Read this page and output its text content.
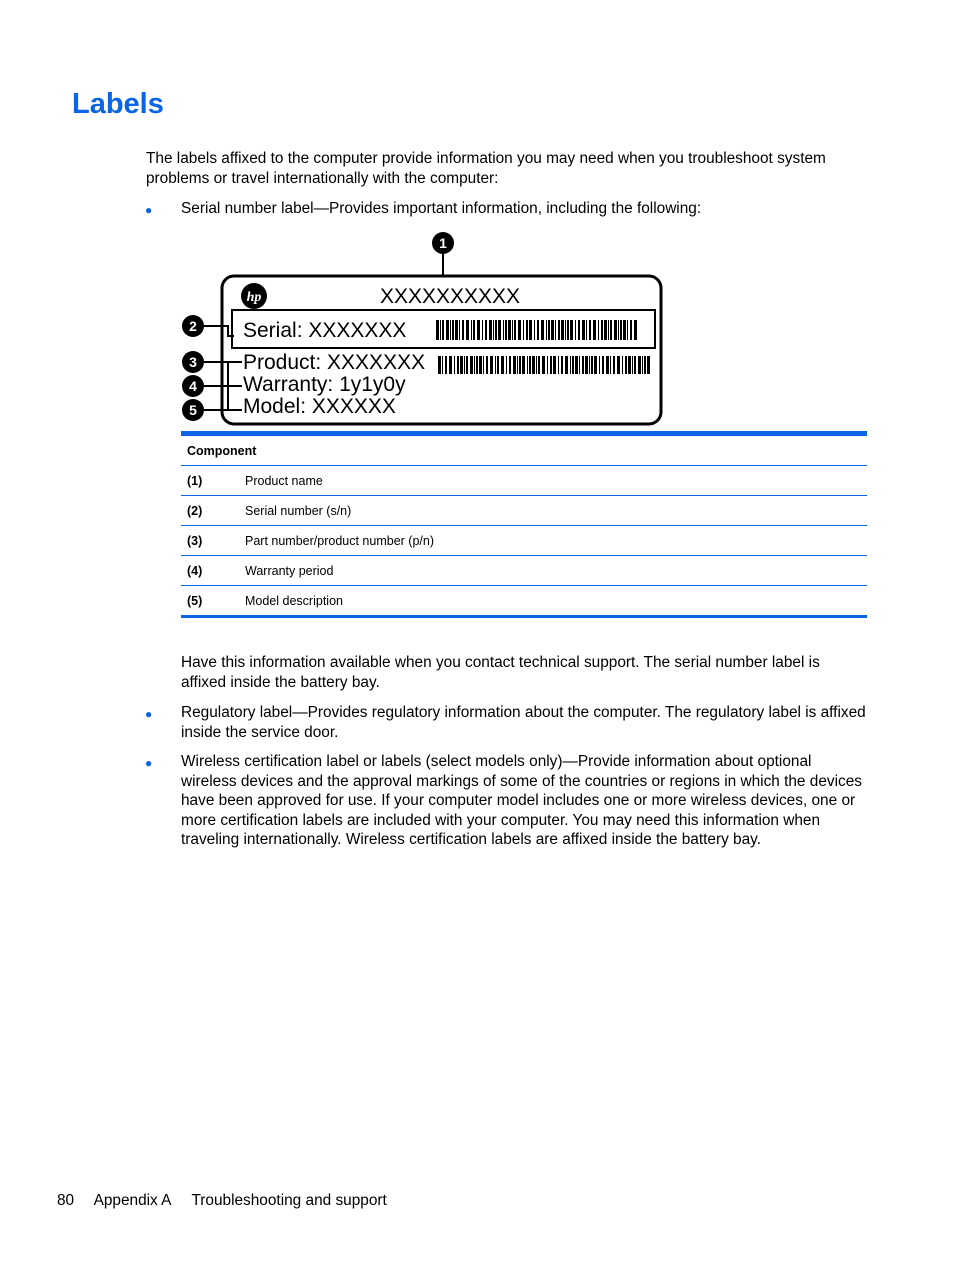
Labels

The labels affixed to the computer provide information you may need when you troubleshoot system problems or travel internationally with the computer:

● Serial number label—Provides important information, including the following:

hp	XXXXXXXXXX
Serial: XXXXXXX
Product: XXXXXXX
Warranty: 1y1y0y
Model: XXXXXX
1
2
3
4
5
Component	
(1)	Product name
(2)	Serial number (s/n)
(3)	Part number/product number (p/n)
(4)	Warranty period
(5)	Model description

Have this information available when you contact technical support. The serial number label is affixed inside the battery bay.

● Regulatory label—Provides regulatory information about the computer. The regulatory label is affixed inside the service door.

● Wireless certification label or labels (select models only)—Provide information about optional wireless devices and the approval markings of some of the countries or regions in which the devices have been approved for use. If your computer model includes one or more wireless devices, one or more certification labels are included with your computer. You may need this information when traveling internationally. Wireless certification labels are affixed inside the battery bay.

80 Appendix A Troubleshooting and support
